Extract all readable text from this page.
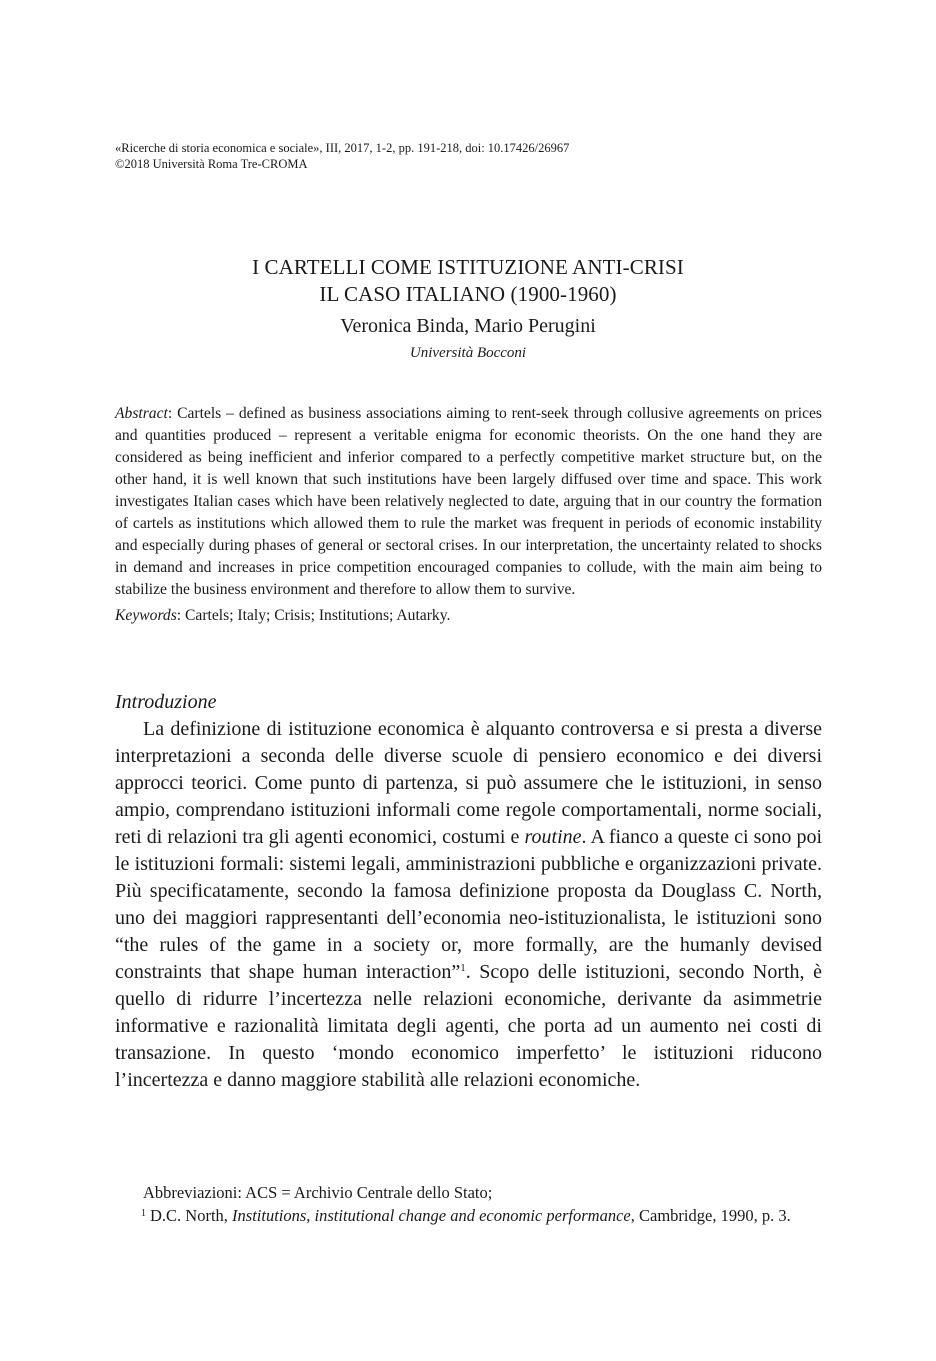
«Ricerche di storia economica e sociale», III, 2017, 1-2, pp. 191-218, doi: 10.17426/26967
©2018 Università Roma Tre-CROMA
I CARTELLI COME ISTITUZIONE ANTI-CRISI
IL CASO ITALIANO (1900-1960)
Veronica Binda, Mario Perugini
Università Bocconi

Abstract: Cartels – defined as business associations aiming to rent-seek through collusive agreements on prices and quantities produced – represent a veritable enigma for economic theorists. On the one hand they are considered as being inefficient and inferior compared to a perfectly competitive market structure but, on the other hand, it is well known that such institutions have been largely diffused over time and space. This work investigates Italian cases which have been relatively neglected to date, arguing that in our country the formation of cartels as institutions which allowed them to rule the market was frequent in periods of economic instability and especially during phases of general or sectoral crises. In our interpretation, the uncertainty related to shocks in demand and increases in price competition encouraged companies to collude, with the main aim being to stabilize the business environment and therefore to allow them to survive.

Keywords: Cartels; Italy; Crisis; Institutions; Autarky.

Introduzione

La definizione di istituzione economica è alquanto controversa e si presta a diverse interpretazioni a seconda delle diverse scuole di pensiero economico e dei diversi approcci teorici. Come punto di partenza, si può assumere che le istituzioni, in senso ampio, comprendano istituzioni informali come regole comportamentali, norme sociali, reti di relazioni tra gli agenti economici, costumi e routine. A fianco a queste ci sono poi le istituzioni formali: sistemi legali, amministrazioni pubbliche e organizzazioni private. Più specificatamente, secondo la famosa definizione proposta da Douglass C. North, uno dei maggiori rappresentanti dell’economia neo-istituzionalista, le istituzioni sono “the rules of the game in a society or, more formally, are the humanly devised constraints that shape human interaction”$^1$. Scopo delle istituzioni, secondo North, è quello di ridurre l’incertezza nelle relazioni economiche, derivante da asimmetrie informative e razionalità limitata degli agenti, che porta ad un aumento nei costi di transazione. In questo ‘mondo economico imperfetto’ le istituzioni riducono l’incertezza e danno maggiore stabilità alle relazioni economiche.

Abbreviazioni: ACS = Archivio Centrale dello Stato;
$^1$ D.C. North, Institutions, institutional change and economic performance, Cambridge, 1990, p. 3.
